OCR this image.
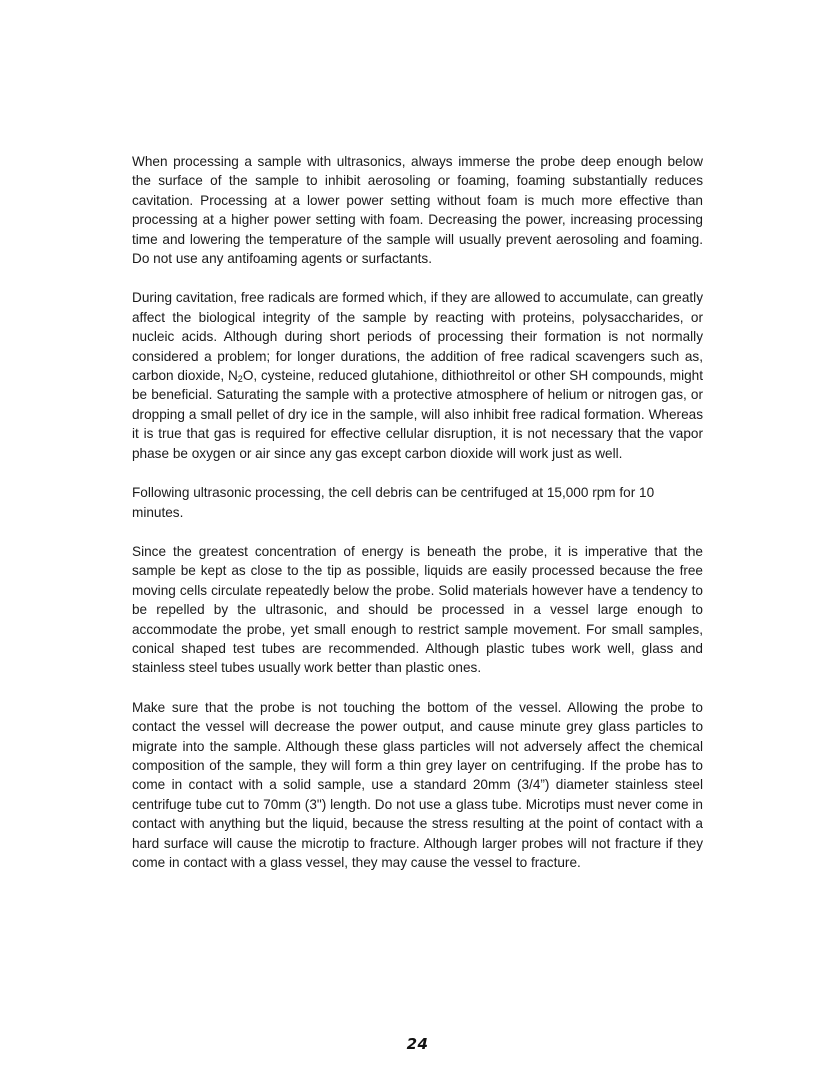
When processing a sample with ultrasonics, always immerse the probe deep enough below the surface of the sample to inhibit aerosoling or foaming, foaming substantially reduces cavitation. Processing at a lower power setting without foam is much more effective than processing at a higher power setting with foam. Decreasing the power, increasing processing time and lowering the temperature of the sample will usually prevent aerosoling and foaming. Do not use any antifoaming agents or surfactants.

During cavitation, free radicals are formed which, if they are allowed to accumulate, can greatly affect the biological integrity of the sample by reacting with proteins, polysaccharides, or nucleic acids. Although during short periods of processing their formation is not normally considered a problem; for longer durations, the addition of free radical scavengers such as, carbon dioxide, $N_2O$, cysteine, reduced glutahione, dithiothreitol or other SH compounds, might be beneficial. Saturating the sample with a protective atmosphere of helium or nitrogen gas, or dropping a small pellet of dry ice in the sample, will also inhibit free radical formation. Whereas it is true that gas is required for effective cellular disruption, it is not necessary that the vapor phase be oxygen or air since any gas except carbon dioxide will work just as well.

Following ultrasonic processing, the cell debris can be centrifuged at 15,000 rpm for 10 minutes.

Since the greatest concentration of energy is beneath the probe, it is imperative that the sample be kept as close to the tip as possible, liquids are easily processed because the free moving cells circulate repeatedly below the probe. Solid materials however have a tendency to be repelled by the ultrasonic, and should be processed in a vessel large enough to accommodate the probe, yet small enough to restrict sample movement. For small samples, conical shaped test tubes are recommended. Although plastic tubes work well, glass and stainless steel tubes usually work better than plastic ones.

Make sure that the probe is not touching the bottom of the vessel. Allowing the probe to contact the vessel will decrease the power output, and cause minute grey glass particles to migrate into the sample. Although these glass particles will not adversely affect the chemical composition of the sample, they will form a thin grey layer on centrifuging. If the probe has to come in contact with a solid sample, use a standard 20mm (3/4”) diameter stainless steel centrifuge tube cut to 70mm (3") length. Do not use a glass tube. Microtips must never come in contact with anything but the liquid, because the stress resulting at the point of contact with a hard surface will cause the microtip to fracture. Although larger probes will not fracture if they come in contact with a glass vessel, they may cause the vessel to fracture.

24
